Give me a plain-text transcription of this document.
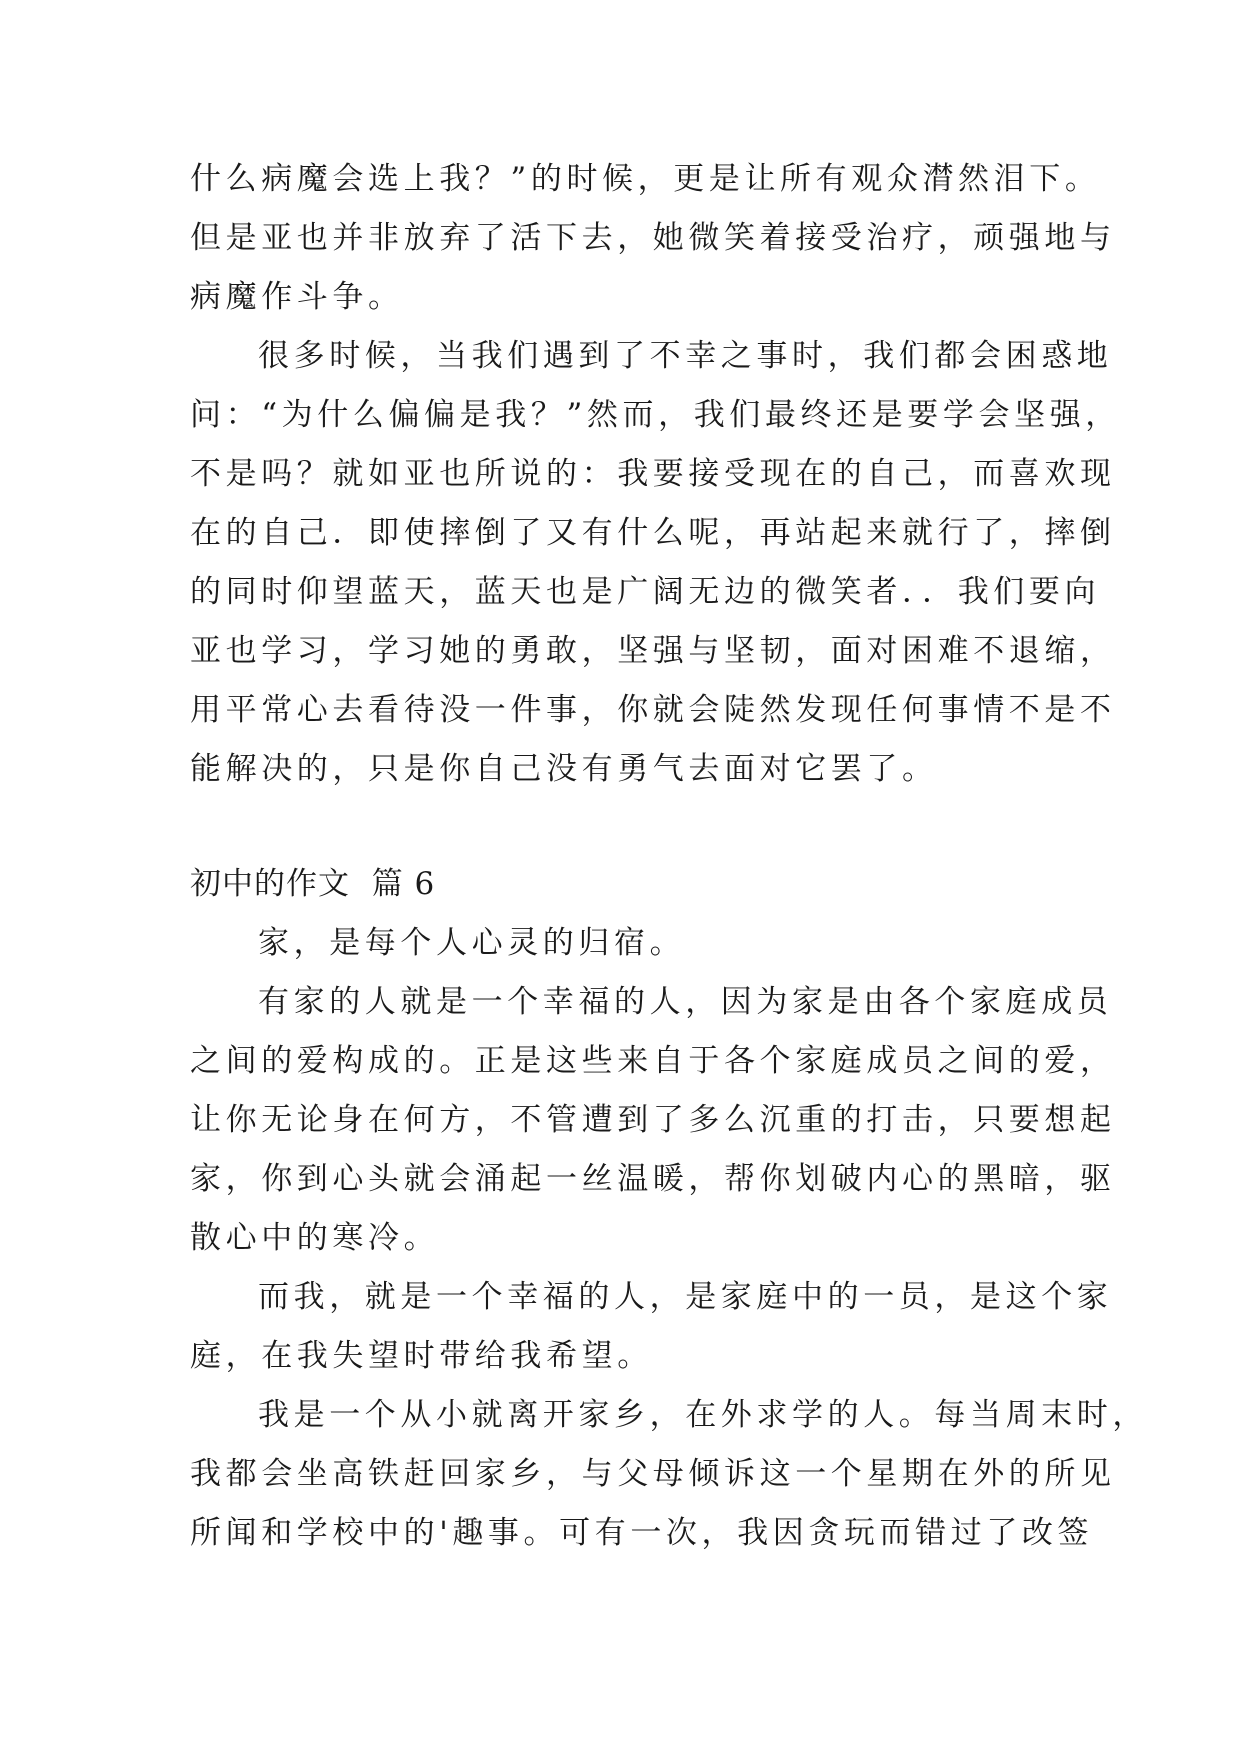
什么病魔会选上我？”的时候，更是让所有观众潸然泪下。
但是亚也并非放弃了活下去，她微笑着接受治疗，顽强地与
病魔作斗争。
很多时候，当我们遇到了不幸之事时，我们都会困惑地
问：“为什么偏偏是我？”然而，我们最终还是要学会坚强，
不是吗？就如亚也所说的：我要接受现在的自己，而喜欢现
在的自己．即使摔倒了又有什么呢，再站起来就行了，摔倒
的同时仰望蓝天，蓝天也是广阔无边的微笑者．．我们要向
亚也学习，学习她的勇敢，坚强与坚韧，面对困难不退缩，
用平常心去看待没一件事，你就会陡然发现任何事情不是不
能解决的，只是你自己没有勇气去面对它罢了。
初中的作文  篇 6
家，是每个人心灵的归宿。
有家的人就是一个幸福的人，因为家是由各个家庭成员
之间的爱构成的。正是这些来自于各个家庭成员之间的爱，
让你无论身在何方，不管遭到了多么沉重的打击，只要想起
家，你到心头就会涌起一丝温暖，帮你划破内心的黑暗，驱
散心中的寒冷。
而我，就是一个幸福的人，是家庭中的一员，是这个家
庭，在我失望时带给我希望。
我是一个从小就离开家乡，在外求学的人。每当周末时，
我都会坐高铁赶回家乡，与父母倾诉这一个星期在外的所见
所闻和学校中的'趣事。可有一次，我因贪玩而错过了改签
